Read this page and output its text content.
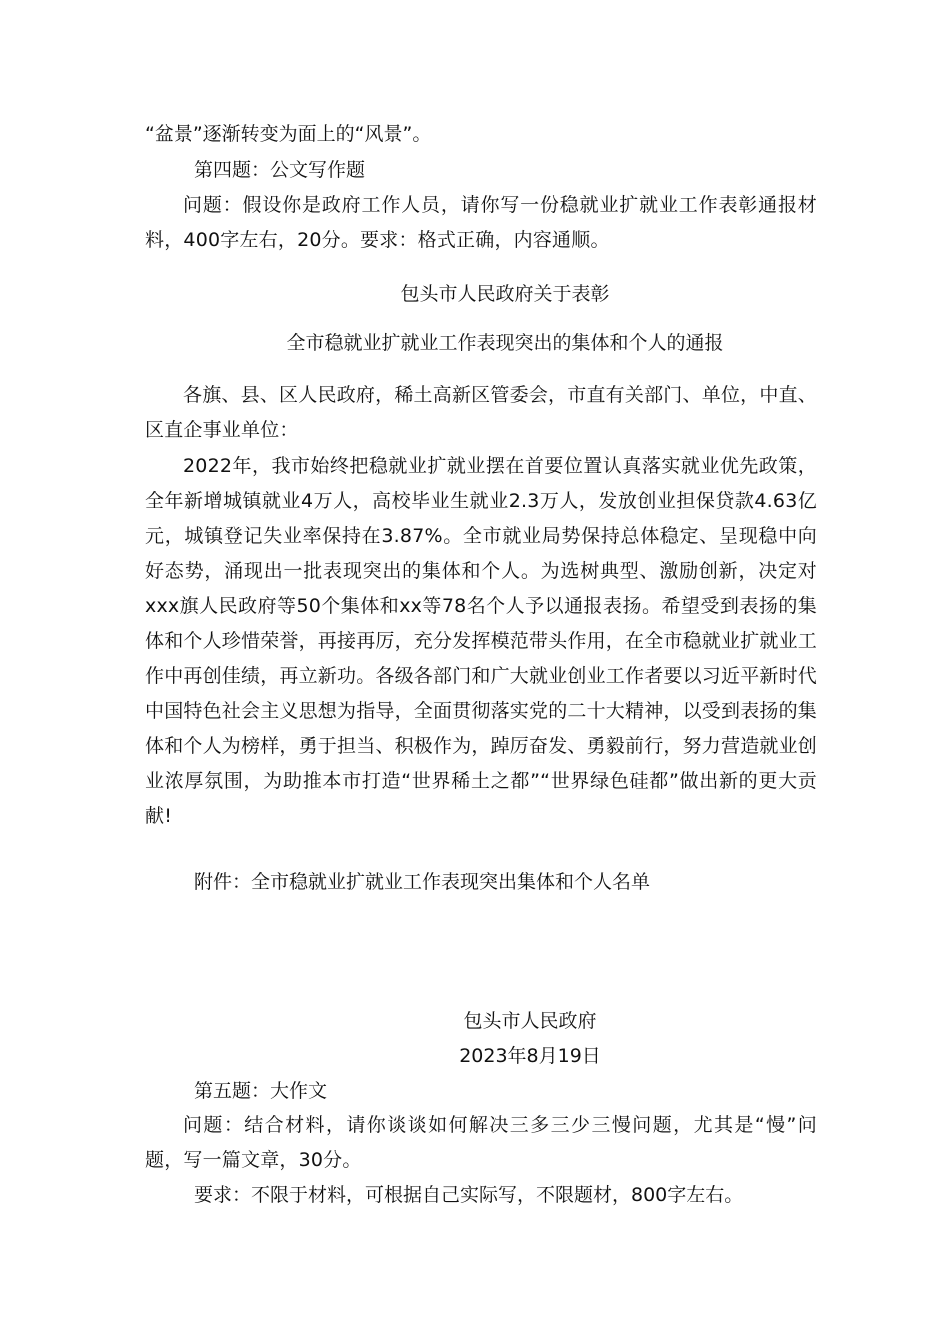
“盆景”逐渐转变为面上的“风景”。

第四题：公文写作题

问题：假设你是政府工作人员，请你写一份稳就业扩就业工作表彰通报材料，400字左右，20分。要求：格式正确，内容通顺。

包头市人民政府关于表彰

全市稳就业扩就业工作表现突出的集体和个人的通报

各旗、县、区人民政府，稀土高新区管委会，市直有关部门、单位，中直、区直企事业单位：

2022年，我市始终把稳就业扩就业摆在首要位置认真落实就业优先政策，全年新增城镇就业4万人，高校毕业生就业2.3万人，发放创业担保贷款4.63亿元，城镇登记失业率保持在3.87%。全市就业局势保持总体稳定、呈现稳中向好态势，涌现出一批表现突出的集体和个人。为选树典型、激励创新，决定对xxx旗人民政府等50个集体和xx等78名个人予以通报表扬。希望受到表扬的集体和个人珍惜荣誉，再接再厉，充分发挥模范带头作用，在全市稳就业扩就业工作中再创佳绩，再立新功。各级各部门和广大就业创业工作者要以习近平新时代中国特色社会主义思想为指导，全面贯彻落实党的二十大精神，以受到表扬的集体和个人为榜样，勇于担当、积极作为，踔厉奋发、勇毅前行，努力营造就业创业浓厚氛围，为助推本市打造“世界稀土之都”“世界绿色硅都”做出新的更大贡献!

附件：全市稳就业扩就业工作表现突出集体和个人名单

包头市人民政府

2023年8月19日

第五题：大作文

问题：结合材料，请你谈谈如何解决三多三少三慢问题，尤其是“慢”问题，写一篇文章，30分。

要求：不限于材料，可根据自己实际写，不限题材，800字左右。
